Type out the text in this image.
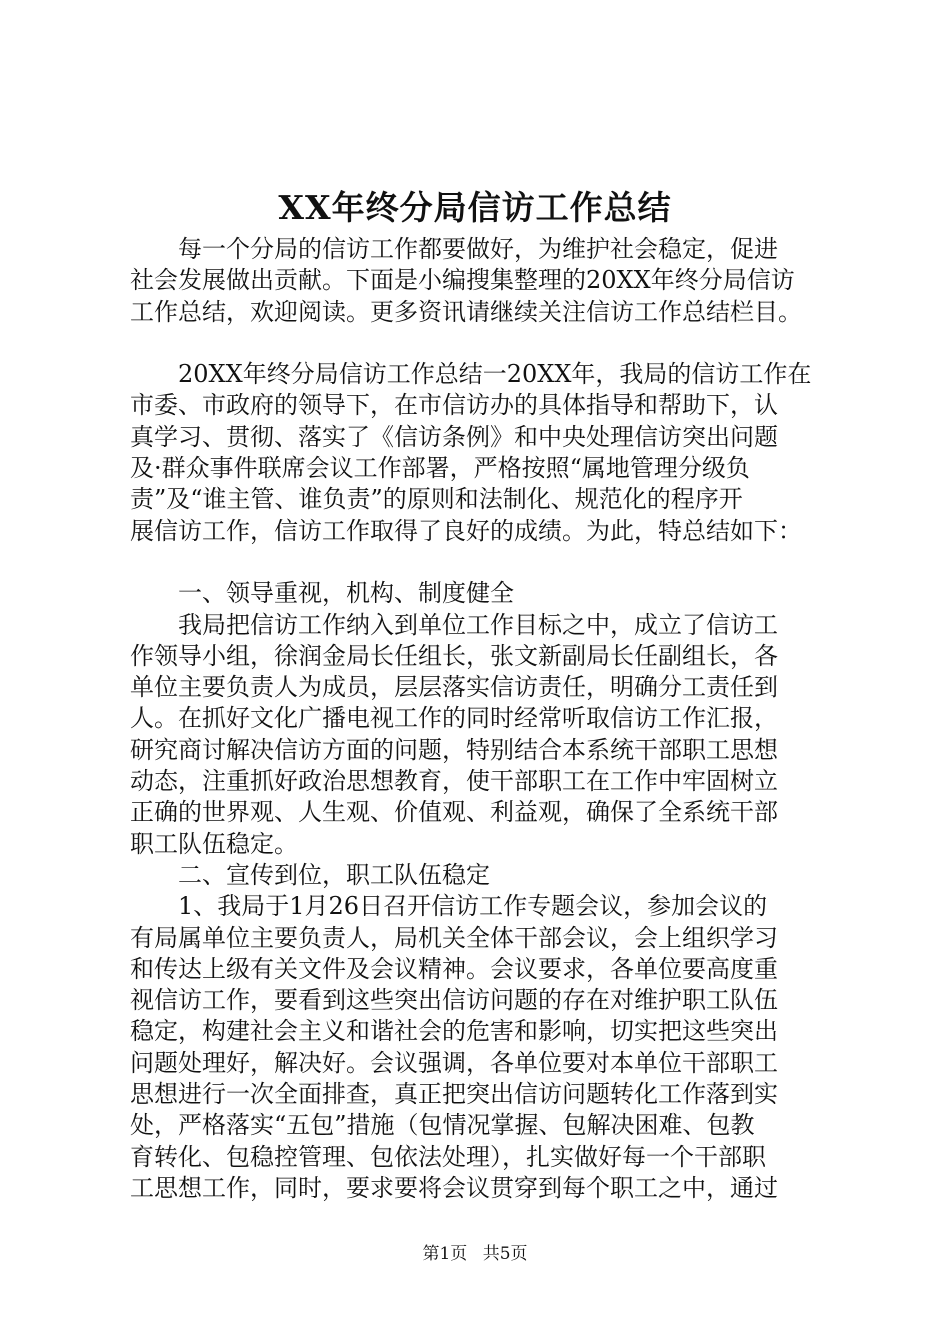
XX年终分局信访工作总结
每一个分局的信访工作都要做好，为维护社会稳定，促进
社会发展做出贡献。下面是小编搜集整理的20XX年终分局信访
工作总结，欢迎阅读。更多资讯请继续关注信访工作总结栏目。
20XX年终分局信访工作总结一20XX年，我局的信访工作在
市委、市政府的领导下，在市信访办的具体指导和帮助下，认
真学习、贯彻、落实了《信访条例》和中央处理信访突出问题
及·群众事件联席会议工作部署，严格按照“属地管理分级负
责”及“谁主管、谁负责”的原则和法制化、规范化的程序开
展信访工作，信访工作取得了良好的成绩。为此，特总结如下：
一、领导重视，机构、制度健全
我局把信访工作纳入到单位工作目标之中，成立了信访工
作领导小组，徐润金局长任组长，张文新副局长任副组长，各
单位主要负责人为成员，层层落实信访责任，明确分工责任到
人。在抓好文化广播电视工作的同时经常听取信访工作汇报，
研究商讨解决信访方面的问题，特别结合本系统干部职工思想
动态，注重抓好政治思想教育，使干部职工在工作中牢固树立
正确的世界观、人生观、价值观、利益观，确保了全系统干部
职工队伍稳定。
二、宣传到位，职工队伍稳定
1、我局于1月26日召开信访工作专题会议，参加会议的
有局属单位主要负责人，局机关全体干部会议，会上组织学习
和传达上级有关文件及会议精神。会议要求，各单位要高度重
视信访工作，要看到这些突出信访问题的存在对维护职工队伍
稳定，构建社会主义和谐社会的危害和影响，切实把这些突出
问题处理好，解决好。会议强调，各单位要对本单位干部职工
思想进行一次全面排查，真正把突出信访问题转化工作落到实
处，严格落实“五包”措施（包情况掌握、包解决困难、包教
育转化、包稳控管理、包依法处理），扎实做好每一个干部职
工思想工作，同时，要求要将会议贯穿到每个职工之中，通过
第1页 共5页
